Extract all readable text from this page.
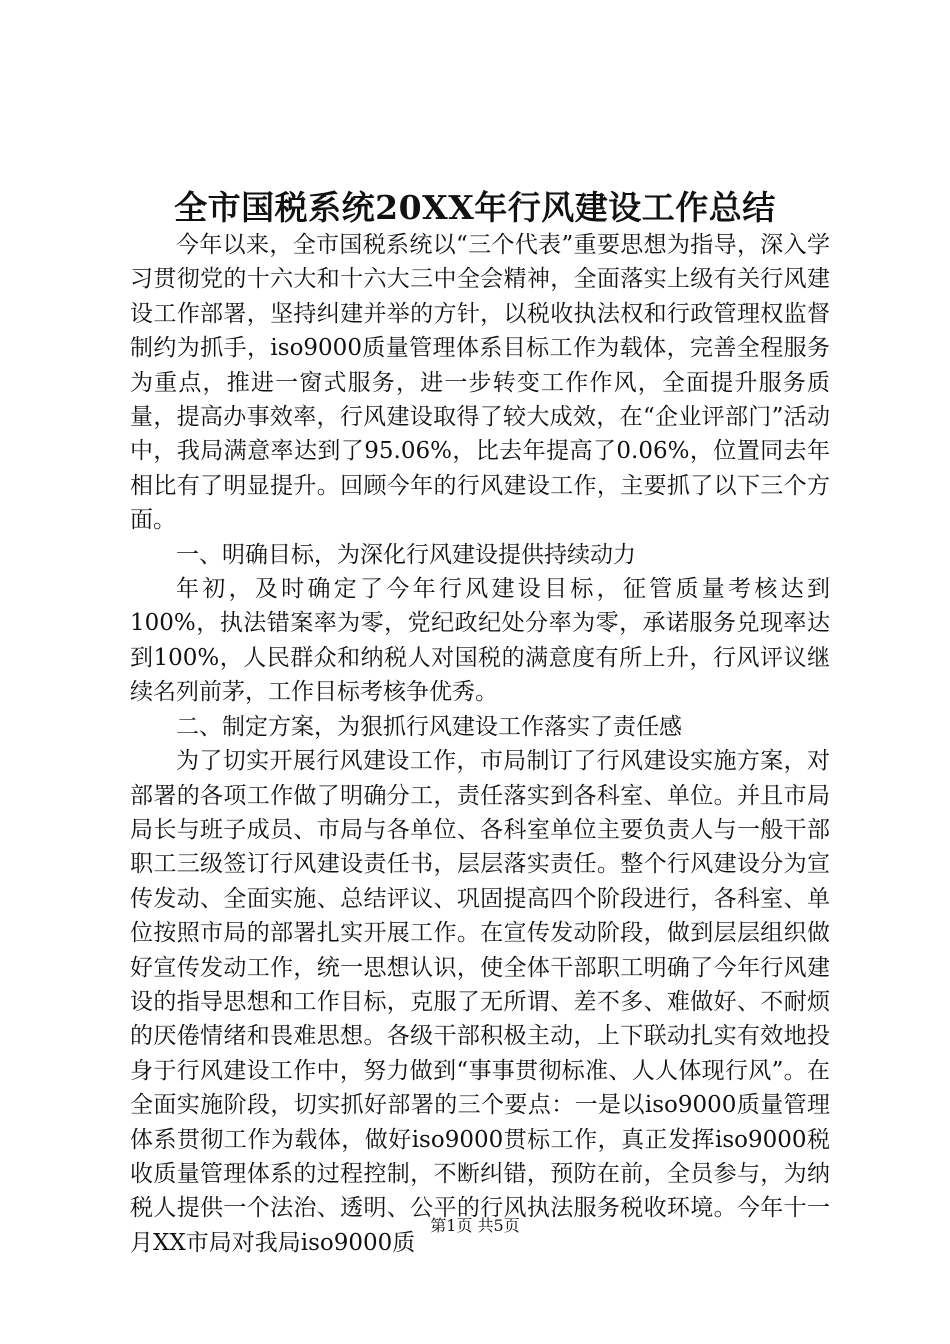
全市国税系统20XX年行风建设工作总结

今年以来，全市国税系统以“三个代表”重要思想为指导，深入学习贯彻党的十六大和十六大三中全会精神，全面落实上级有关行风建设工作部署，坚持纠建并举的方针，以税收执法权和行政管理权监督制约为抓手，iso9000质量管理体系目标工作为载体，完善全程服务为重点，推进一窗式服务，进一步转变工作作风，全面提升服务质量，提高办事效率，行风建设取得了较大成效，在“企业评部门”活动中，我局满意率达到了95.06%，比去年提高了0.06%，位置同去年相比有了明显提升。回顾今年的行风建设工作，主要抓了以下三个方面。

一、明确目标，为深化行风建设提供持续动力

年初，及时确定了今年行风建设目标，征管质量考核达到100%，执法错案率为零，党纪政纪处分率为零，承诺服务兑现率达到100%，人民群众和纳税人对国税的满意度有所上升，行风评议继续名列前茅，工作目标考核争优秀。

二、制定方案，为狠抓行风建设工作落实了责任感

为了切实开展行风建设工作，市局制订了行风建设实施方案，对部署的各项工作做了明确分工，责任落实到各科室、单位。并且市局局长与班子成员、市局与各单位、各科室单位主要负责人与一般干部职工三级签订行风建设责任书，层层落实责任。整个行风建设分为宣传发动、全面实施、总结评议、巩固提高四个阶段进行，各科室、单位按照市局的部署扎实开展工作。在宣传发动阶段，做到层层组织做好宣传发动工作，统一思想认识，使全体干部职工明确了今年行风建设的指导思想和工作目标，克服了无所谓、差不多、难做好、不耐烦的厌倦情绪和畏难思想。各级干部积极主动，上下联动扎实有效地投身于行风建设工作中，努力做到“事事贯彻标准、人人体现行风”。在全面实施阶段，切实抓好部署的三个要点：一是以iso9000质量管理体系贯彻工作为载体，做好iso9000贯标工作，真正发挥iso9000税收质量管理体系的过程控制，不断纠错，预防在前，全员参与，为纳税人提供一个法治、透明、公平的行风执法服务税收环境。今年十一月XX市局对我局iso9000质

第1页 共5页
